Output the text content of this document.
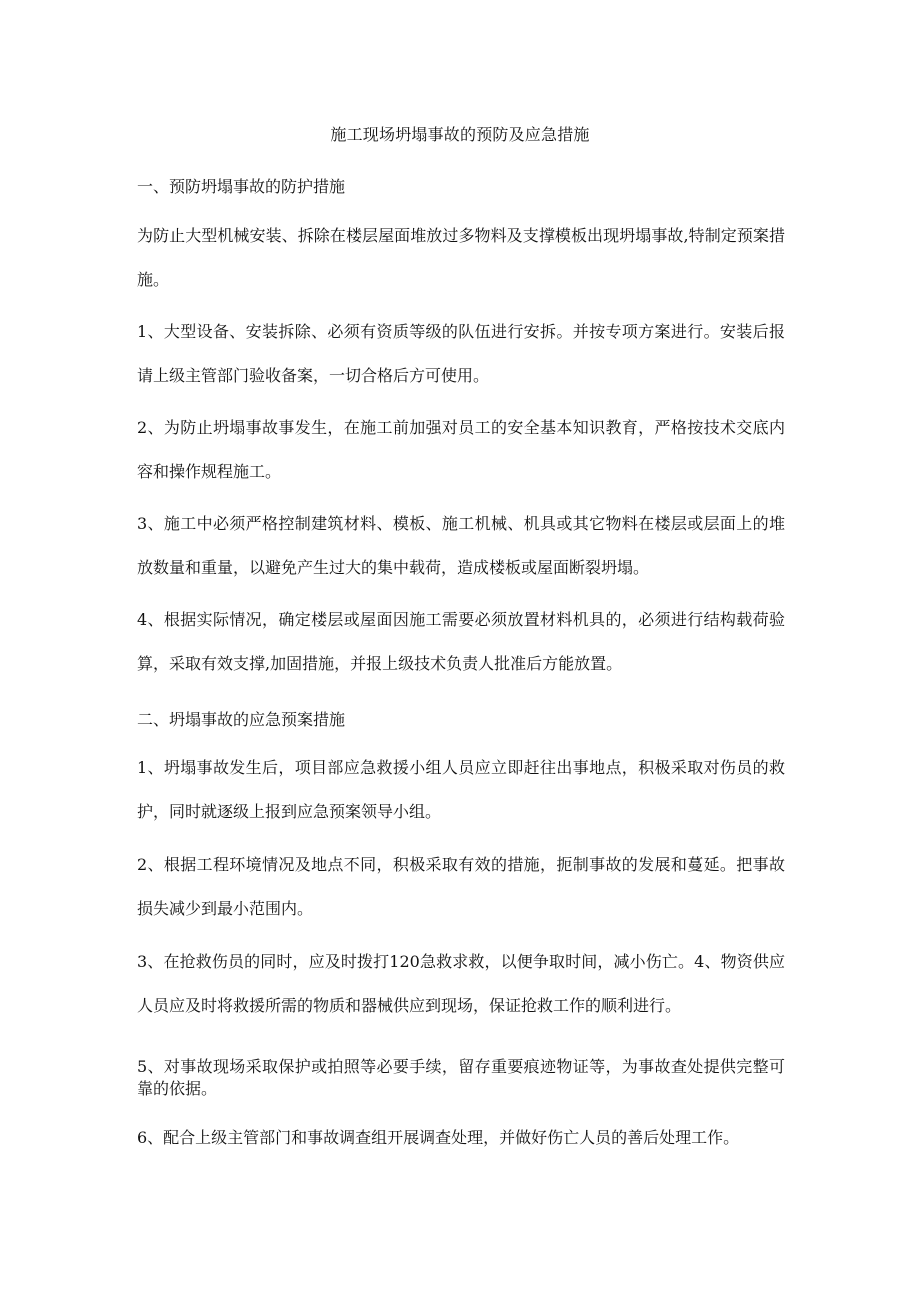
施工现场坍塌事故的预防及应急措施
一、预防坍塌事故的防护措施
为防止大型机械安装、拆除在楼层屋面堆放过多物料及支撑模板出现坍塌事故,特制定预案措施。
1、大型设备、安装拆除、必须有资质等级的队伍进行安拆。并按专项方案进行。安装后报请上级主管部门验收备案，一切合格后方可使用。
2、为防止坍塌事故事发生，在施工前加强对员工的安全基本知识教育，严格按技术交底内容和操作规程施工。
3、施工中必须严格控制建筑材料、模板、施工机械、机具或其它物料在楼层或层面上的堆放数量和重量，以避免产生过大的集中载荷，造成楼板或屋面断裂坍塌。
4、根据实际情况，确定楼层或屋面因施工需要必须放置材料机具的，必须进行结构载荷验算，采取有效支撑,加固措施，并报上级技术负责人批准后方能放置。
二、坍塌事故的应急预案措施
1、坍塌事故发生后，项目部应急救援小组人员应立即赶往出事地点，积极采取对伤员的救护，同时就逐级上报到应急预案领导小组。
2、根据工程环境情况及地点不同，积极采取有效的措施，扼制事故的发展和蔓延。把事故损失减少到最小范围内。
3、在抢救伤员的同时，应及时拨打120急救求救，以便争取时间，减小伤亡。4、物资供应人员应及时将救援所需的物质和器械供应到现场，保证抢救工作的顺利进行。
5、对事故现场采取保护或拍照等必要手续，留存重要痕迹物证等，为事故查处提供完整可靠的依据。
6、配合上级主管部门和事故调查组开展调查处理，并做好伤亡人员的善后处理工作。
